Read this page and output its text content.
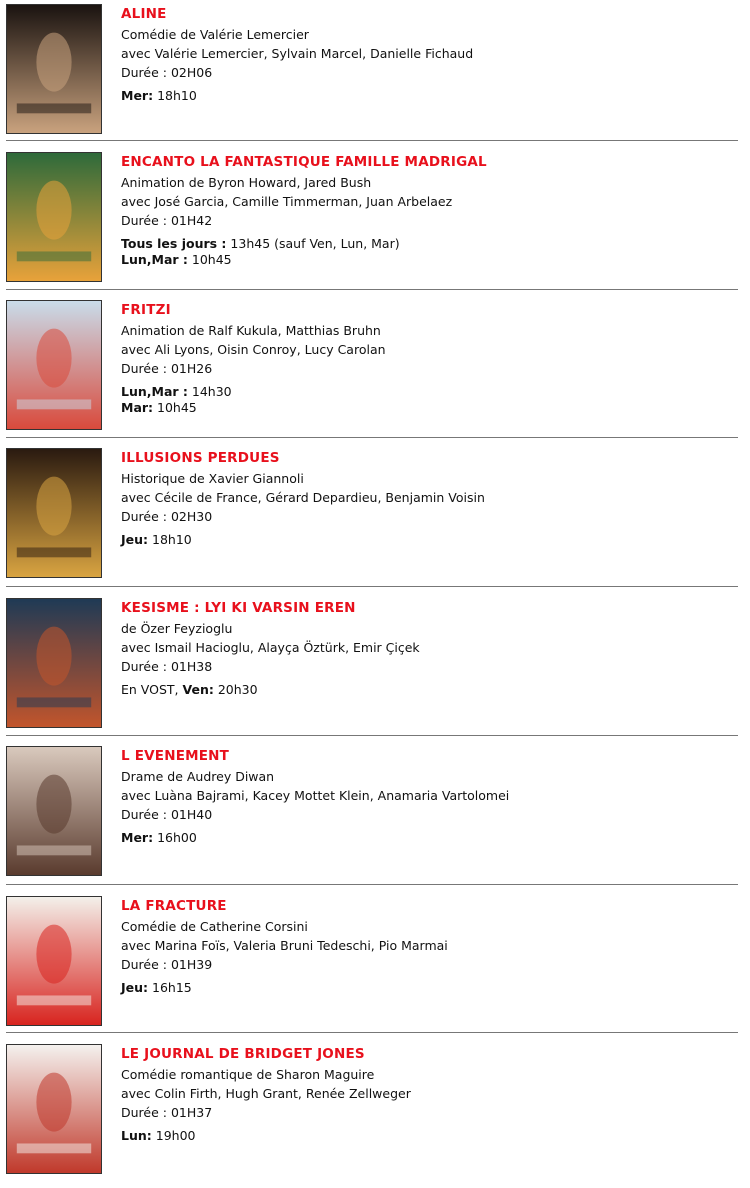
ALINE
Comédie de Valérie Lemercier
avec Valérie Lemercier, Sylvain Marcel, Danielle Fichaud
Durée : 02H06
Mer: 18h10
ENCANTO LA FANTASTIQUE FAMILLE MADRIGAL
Animation de Byron Howard, Jared Bush
avec José Garcia, Camille Timmerman, Juan Arbelaez
Durée : 01H42
Tous les jours : 13h45 (sauf Ven, Lun, Mar)
Lun,Mar : 10h45
FRITZI
Animation de Ralf Kukula, Matthias Bruhn
avec Ali Lyons, Oisin Conroy, Lucy Carolan
Durée : 01H26
Lun,Mar : 14h30
Mar: 10h45
ILLUSIONS PERDUES
Historique de Xavier Giannoli
avec Cécile de France, Gérard Depardieu, Benjamin Voisin
Durée : 02H30
Jeu: 18h10
KESISME : LYI KI VARSIN EREN
de Özer Feyzioglu
avec Ismail Hacioglu, Alayça Öztürk, Emir Çiçek
Durée : 01H38
En VOST, Ven: 20h30
L EVENEMENT
Drame de Audrey Diwan
avec Luàna Bajrami, Kacey Mottet Klein, Anamaria Vartolomei
Durée : 01H40
Mer: 16h00
LA FRACTURE
Comédie de Catherine Corsini
avec Marina Foïs, Valeria Bruni Tedeschi, Pio Marmai
Durée : 01H39
Jeu: 16h15
LE JOURNAL DE BRIDGET JONES
Comédie romantique de Sharon Maguire
avec Colin Firth, Hugh Grant, Renée Zellweger
Durée : 01H37
Lun: 19h00
